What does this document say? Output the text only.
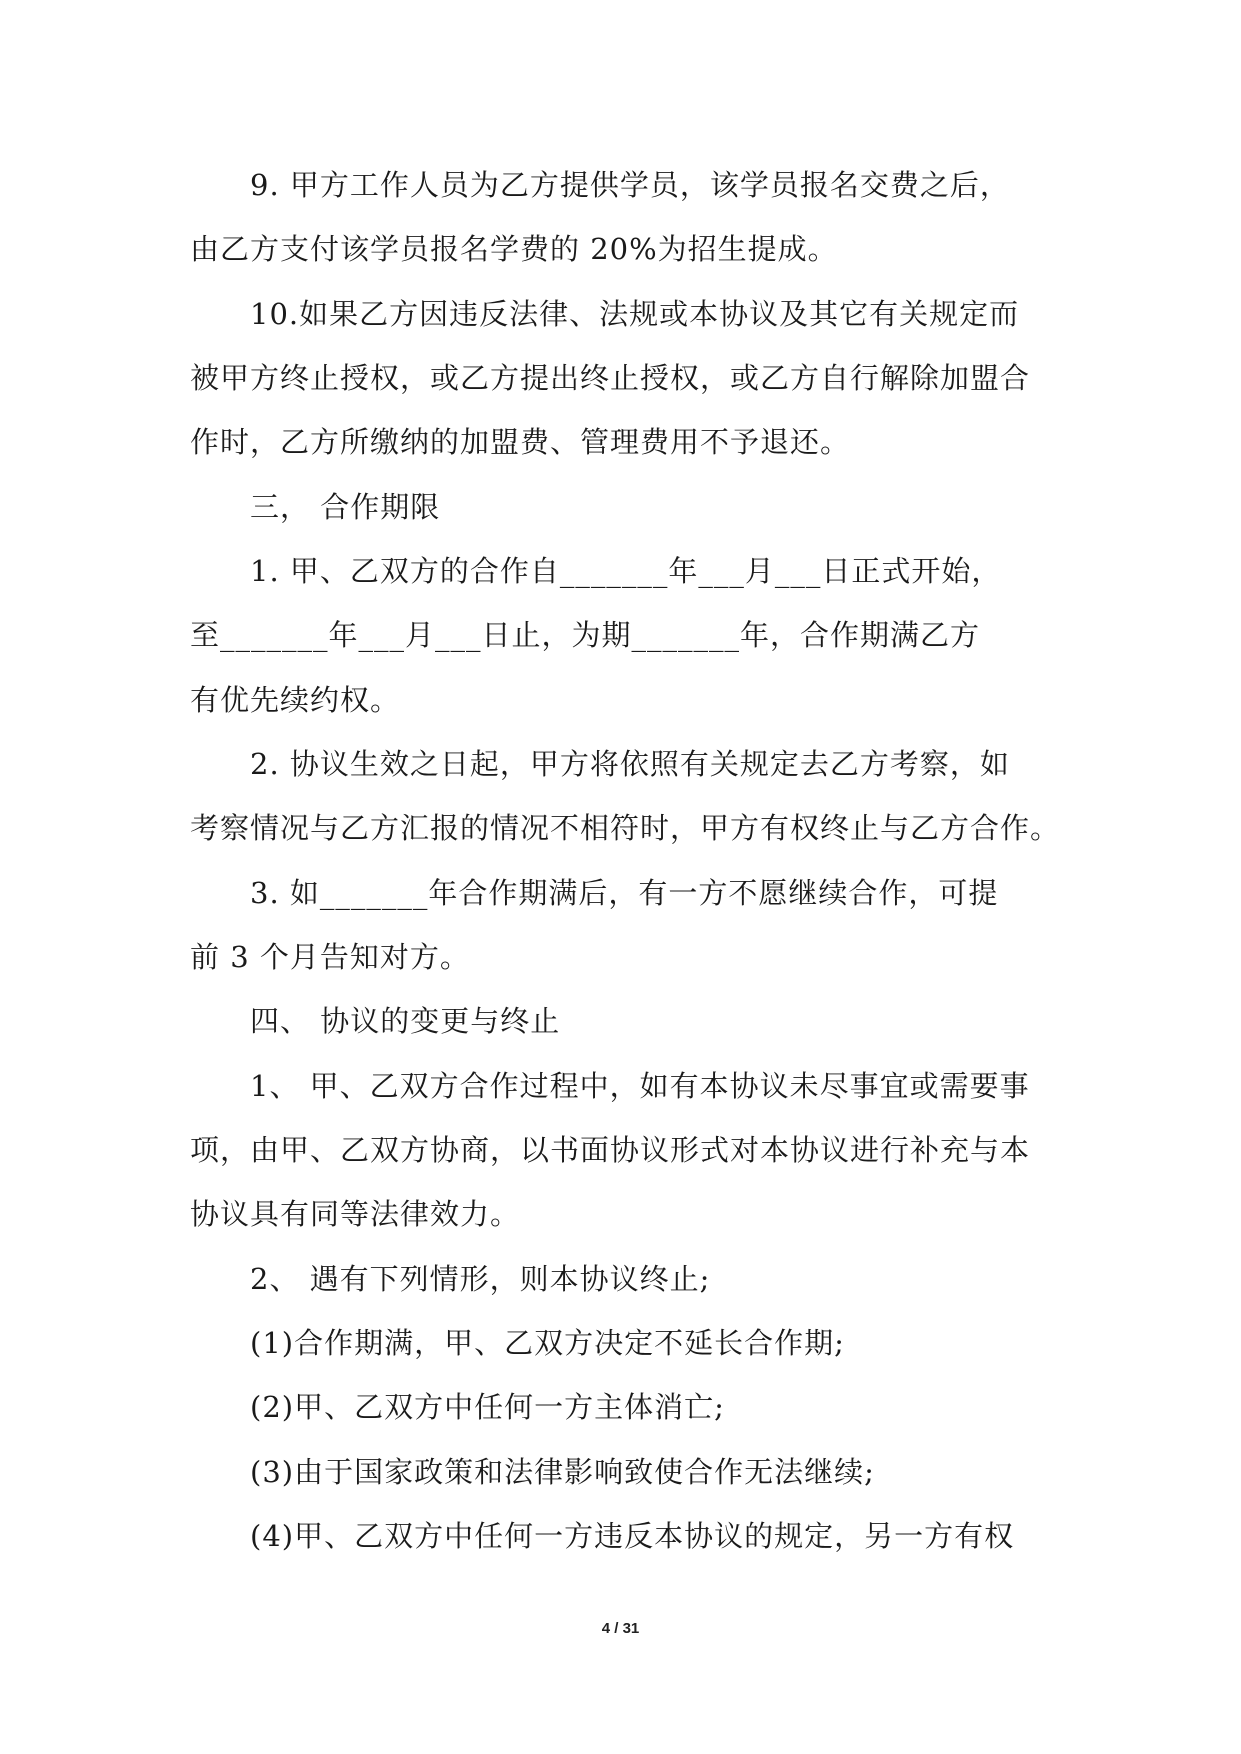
9. 甲方工作人员为乙方提供学员，该学员报名交费之后，
由乙方支付该学员报名学费的 20%为招生提成。
10.如果乙方因违反法律、法规或本协议及其它有关规定而
被甲方终止授权，或乙方提出终止授权，或乙方自行解除加盟合
作时，乙方所缴纳的加盟费、管理费用不予退还。
三， 合作期限
1. 甲、乙双方的合作自_______年___月___日正式开始，
至_______年___月___日止，为期_______年，合作期满乙方
有优先续约权。
2. 协议生效之日起，甲方将依照有关规定去乙方考察，如
考察情况与乙方汇报的情况不相符时，甲方有权终止与乙方合作。
3. 如_______年合作期满后，有一方不愿继续合作，可提
前 3 个月告知对方。
四、 协议的变更与终止
1、 甲、乙双方合作过程中，如有本协议未尽事宜或需要事
项，由甲、乙双方协商，以书面协议形式对本协议进行补充与本
协议具有同等法律效力。
2、 遇有下列情形，则本协议终止;
(1)合作期满，甲、乙双方决定不延长合作期;
(2)甲、乙双方中任何一方主体消亡;
(3)由于国家政策和法律影响致使合作无法继续;
(4)甲、乙双方中任何一方违反本协议的规定，另一方有权
4 / 31
